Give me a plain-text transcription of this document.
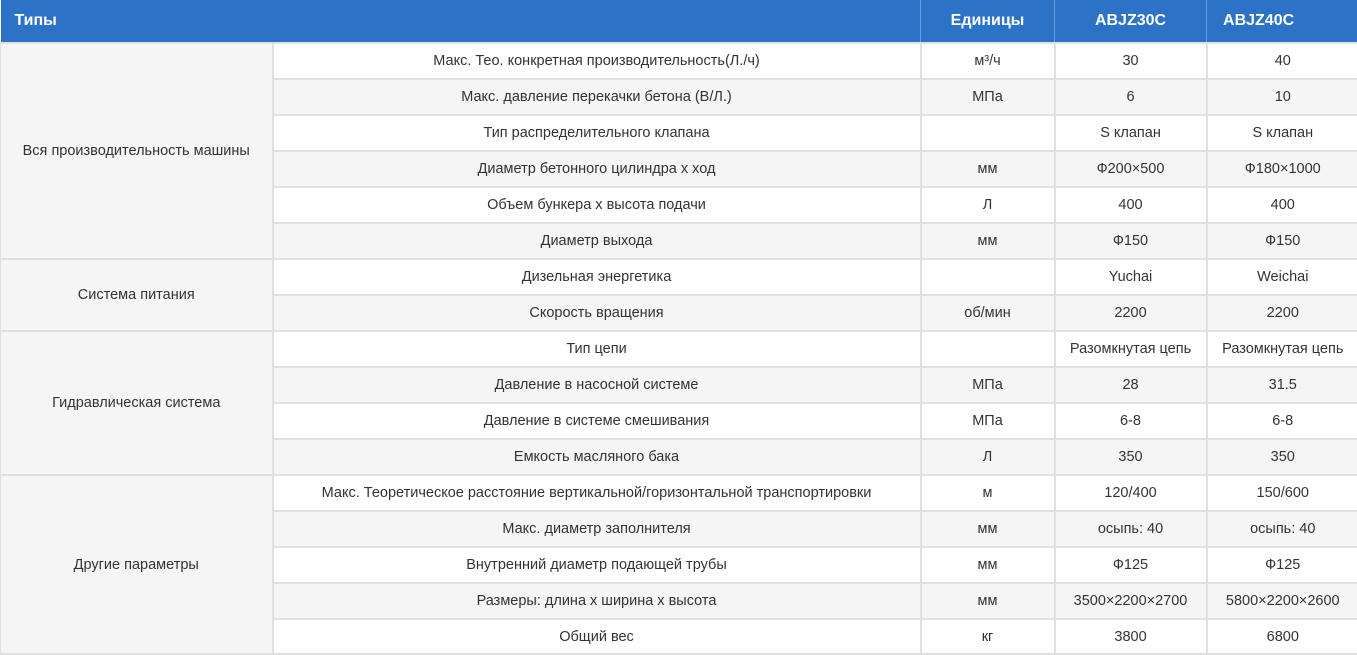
Типы		Единицы	ABJZ30C	ABJZ40C
Вся производительность машины	Макс. Тео. конкретная производительность(Л./ч)	м³/ч	30	40
	Макс. давление перекачки бетона (В/Л.)	МПа	6	10
	Тип распределительного клапана		S клапан	S клапан
	Диаметр бетонного цилиндра x ход	мм	Ф200×500	Ф180×1000
	Объем бункера x высота подачи	Л	400	400
	Диаметр выхода	мм	Ф150	Ф150
Система питания	Дизельная энергетика		Yuchai	Weichai
	Скорость вращения	об/мин	2200	2200
Гидравлическая система	Тип цепи		Разомкнутая цепь	Разомкнутая цепь
	Давление в насосной системе	МПа	28	31.5
	Давление в системе смешивания	МПа	6-8	6-8
	Емкость масляного бака	Л	350	350
Другие параметры	Макс. Теоретическое расстояние вертикальной/горизонтальной транспортировки	м	120/400	150/600
	Макс. диаметр заполнителя	мм	осыпь: 40	осыпь: 40
	Внутренний диаметр подающей трубы	мм	Ф125	Ф125
	Размеры: длина x ширина x высота	мм	3500×2200×2700	5800×2200×2600
	Общий вес	кг	3800	6800
